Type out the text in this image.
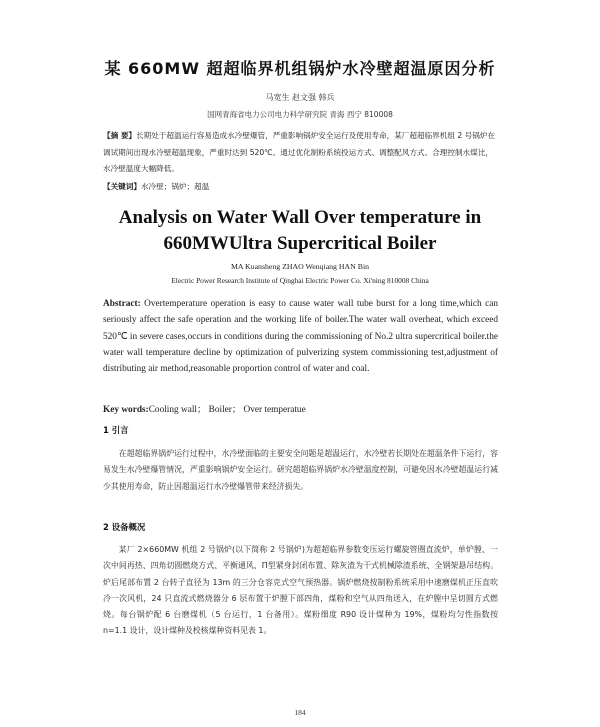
某 660MW 超超临界机组锅炉水冷壁超温原因分析
马宽生 赵文强 韩兵
国网青海省电力公司电力科学研究院 青海 西宁 810008

【摘 要】长期处于超温运行容易造成水冷壁爆管，严重影响锅炉安全运行及使用寿命，某厂超超临界机组 2 号锅炉在调试期间出现水冷壁超温现象，严重时达到 520℃。通过优化制粉系统投运方式、调整配风方式、合理控制水煤比，水冷壁温度大幅降低。

【关键词】水冷壁；锅炉；超温

Analysis on Water Wall Over temperature in
660MWUltra Supercritical Boiler
MA Kuansheng ZHAO Wenqiang HAN Bin
Electric Power Research Institute of Qinghai Electric Power Co. Xi'ning 810008 China

Abstract: Overtemperature operation is easy to cause water wall tube burst for a long time,which can seriously affect the safe operation and the working life of boiler.The water wall overheat, which exceed 520℃ in severe cases,occurs in conditions during the commissioning of No.2 ultra supercritical boiler.the water wall temperature decline by optimization of pulverizing system commissioning test,adjustment of distributing air method,reasonable proportion control of water and coal.

Key words:Cooling wall； Boiler； Over temperatue

1 引言

在超超临界锅炉运行过程中，水冷壁面临的主要安全问题是超温运行，水冷壁若长期处在超温条件下运行，容易发生水冷壁爆管情况，严重影响锅炉安全运行。研究超超临界锅炉水冷壁温度控制，可避免因水冷壁超温运行减少其使用寿命，防止因超温运行水冷壁爆管带来经济损失。

2 设备概况

某厂 2×660MW 机组 2 号锅炉(以下简称 2 号锅炉)为超超临界参数变压运行螺旋管圈直流炉，单炉膛、一次中间再热、四角切圆燃烧方式、平衡通风、Π型紧身封闭布置、除灰渣为干式机械除渣系统、全钢架悬吊结构。炉后尾部布置 2 台转子直径为 13m 的三分仓容克式空气预热器。锅炉燃烧按制粉系统采用中速磨煤机正压直吹冷一次风机，24 只直流式燃烧器分 6 层布置于炉膛下部四角，煤粉和空气从四角送入，在炉膛中呈切圆方式燃烧。每台锅炉配 6 台磨煤机（5 台运行，1 台备用）。煤粉细度 R90 设计煤种为 19%，煤粉均匀性指数按 n=1.1 设计，设计煤种及校核煤种资料见表 1。

184
